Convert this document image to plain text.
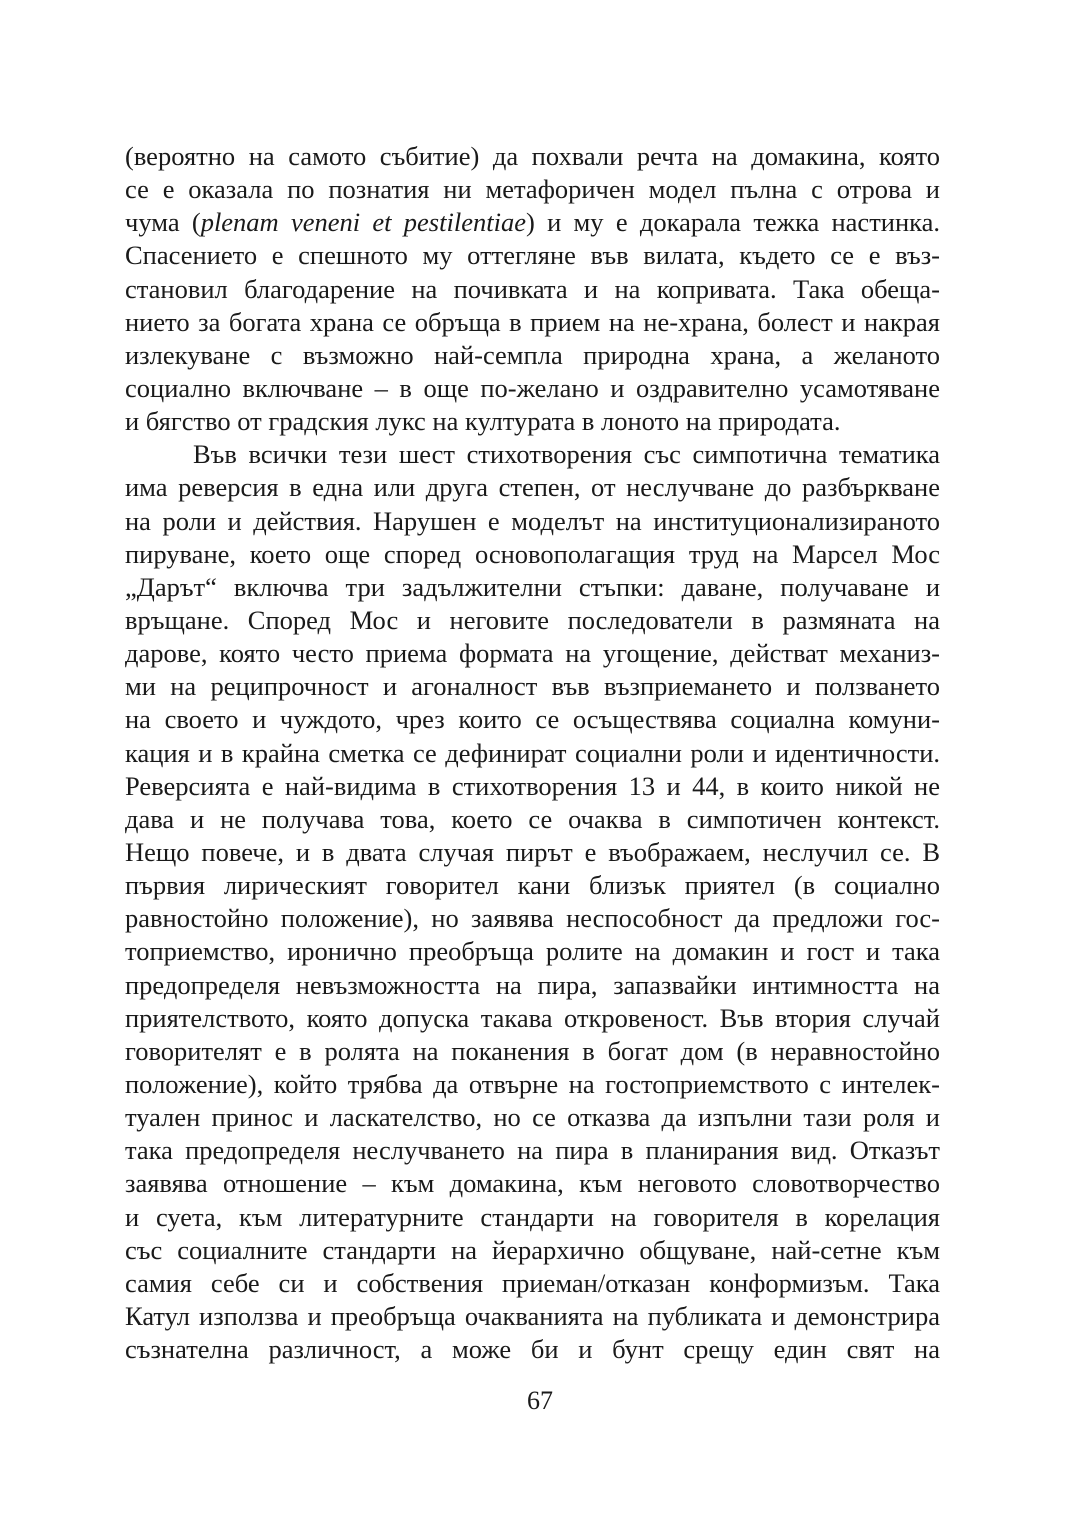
(вероятно на самото събитие) да похвали речта на домакина, която
се е оказала по познатия ни метафоричен модел пълна с отрова и
чума (plenam veneni et pestilentiae) и му е докарала тежка настинка.
Спасението е спешното му оттегляне във вилата, където се е въз-
становил благодарение на почивката и на копривата. Така обеща-
нието за богата храна се обръща в прием на не-храна, болест и накрая
излекуване с възможно най-семпла природна храна, а желаното
социално включване – в още по-желано и оздравително усамотяване
и бягство от градския лукс на културата в лоното на природата.
Във всички тези шест стихотворения със симпотична тематика
има реверсия в една или друга степен, от неслучване до разбъркване
на роли и действия. Нарушен е моделът на институционализираното
пируване, което още според основополагащия труд на Марсел Мос
„Дарът“ включва три задължителни стъпки: даване, получаване и
връщане. Според Мос и неговите последователи в размяната на
дарове, която често приема формата на угощение, действат механиз-
ми на реципрочност и агоналност във възприемането и ползването
на своето и чуждото, чрез които се осъществява социална комуни-
кация и в крайна сметка се дефинират социални роли и идентичности.
Реверсията е най-видима в стихотворения 13 и 44, в които никой не
дава и не получава това, което се очаква в симпотичен контекст.
Нещо повече, и в двата случая пирът е въображаем, неслучил се. В
първия лирическият говорител кани близък приятел (в социално
равностойно положение), но заявява неспособност да предложи гос-
топриемство, иронично преобръща ролите на домакин и гост и така
предопределя невъзможността на пира, запазвайки интимността на
приятелството, която допуска такава откровеност. Във втория случай
говорителят е в ролята на поканения в богат дом (в неравностойно
положение), който трябва да отвърне на гостоприемството с интелек-
туален принос и ласкателство, но се отказва да изпълни тази роля и
така предопределя неслучването на пира в планирания вид. Отказът
заявява отношение – към домакина, към неговото словотворчество
и суета, към литературните стандарти на говорителя в корелация
със социалните стандарти на йерархично общуване, най-сетне към
самия себе си и собствения приеман/отказан конформизъм. Така
Катул използва и преобръща очакванията на публиката и демонстрира
съзнателна различност, а може би и бунт срещу един свят на
67
